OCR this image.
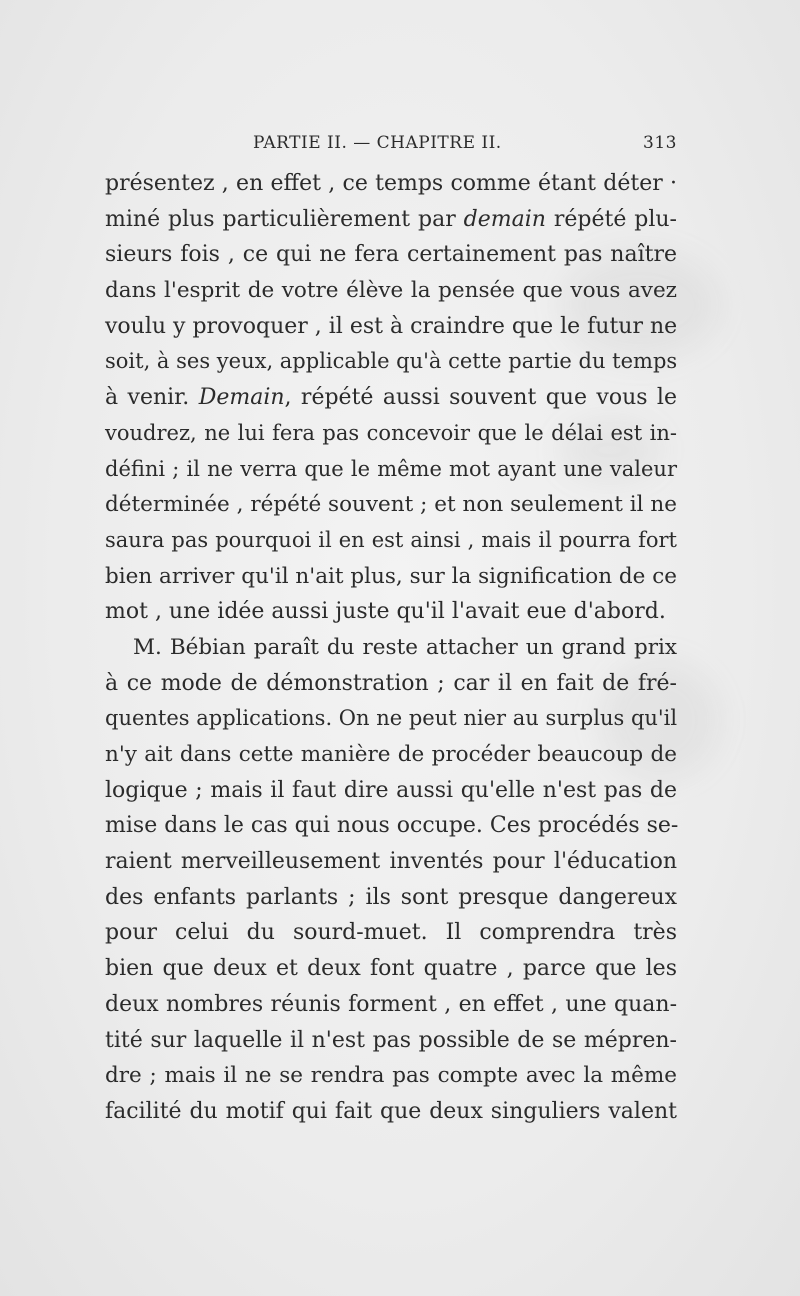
PARTIE II. — CHAPITRE II.	313
présentez , en effet , ce temps comme étant déter ·
miné plus particulièrement par demain répété plu-
sieurs fois , ce qui ne fera certainement pas naître
dans l'esprit de votre élève la pensée que vous avez
voulu y provoquer , il est à craindre que le futur ne
soit, à ses yeux, applicable qu'à cette partie du temps
à venir. Demain, répété aussi souvent que vous le
voudrez, ne lui fera pas concevoir que le délai est in-
défini ; il ne verra que le même mot ayant une valeur
déterminée , répété souvent ; et non seulement il ne
saura pas pourquoi il en est ainsi , mais il pourra fort
bien arriver qu'il n'ait plus, sur la signification de ce
mot , une idée aussi juste qu'il l'avait eue d'abord.
M. Bébian paraît du reste attacher un grand prix
à ce mode de démonstration ; car il en fait de fré-
quentes applications. On ne peut nier au surplus qu'il
n'y ait dans cette manière de procéder beaucoup de
logique ; mais il faut dire aussi qu'elle n'est pas de
mise dans le cas qui nous occupe. Ces procédés se-
raient merveilleusement inventés pour l'éducation
des enfants parlants ; ils sont presque dangereux
pour celui du sourd-muet. Il comprendra très
bien que deux et deux font quatre , parce que les
deux nombres réunis forment , en effet , une quan-
tité sur laquelle il n'est pas possible de se mépren-
dre ; mais il ne se rendra pas compte avec la même
facilité du motif qui fait que deux singuliers valent
